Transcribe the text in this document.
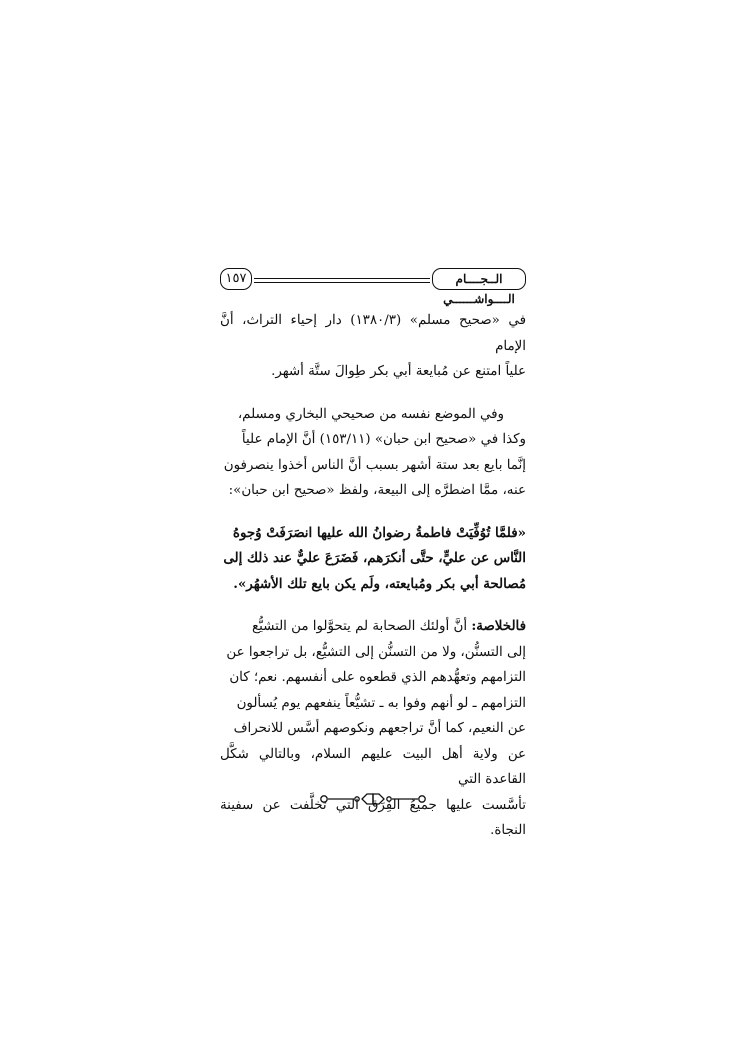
١٥٧	الــجــــام الــــواشــــــي
في «صحيح مسلم» (١٣٨٠/٣) دار إحياء التراث، أنَّ الإمام
علياً امتنع عن مُبايعة أبي بكر طِوالَ ستَّة أشهر.
وفي الموضع نفسه من صحيحي البخاري ومسلم،
وكذا في «صحيح ابن حبان» (١٥٣/١١) أنَّ الإمام علياً
إنَّما بايع بعد ستة أشهر بسبب أنَّ الناس أخذوا ينصرفون
عنه، ممَّا اضطرَّه إلى البيعة، ولفظ «صحيح ابن حبان»:
«فلمَّا تُوُفِّيَتْ فاطمةُ رضوانُ الله عليها انصَرَفَتْ وُجوهُ
النَّاس عن عليٍّ، حتَّى أنكرَهم، فَضَرَعَ عليٌّ عند ذلك إلى
مُصالحة أبي بكر ومُبايعته، ولَم يكن بايع تلك الأشهُر».
فالخلاصة: أنَّ أولئك الصحابة لم يتحوَّلوا من التشيُّع
إلى التسنُّن، ولا من التسنُّن إلى التشيُّع، بل تراجعوا عن
التزامهم وتعهُّدهم الذي قطعوه على أنفسهم. نعم؛ كان
التزامهم ـ لو أنهم وفوا به ـ تشيُّعاً ينفعهم يوم يُسألون
عن النعيم، كما أنَّ تراجعهم ونكوصهم أسَّس للانحراف
عن ولاية أهل البيت عليهم السلام، وبالتالي شكَّل القاعدة التي
تأسَّست عليها جميعُ الفِرَق التي تخلَّفت عن سفينة النجاة.
